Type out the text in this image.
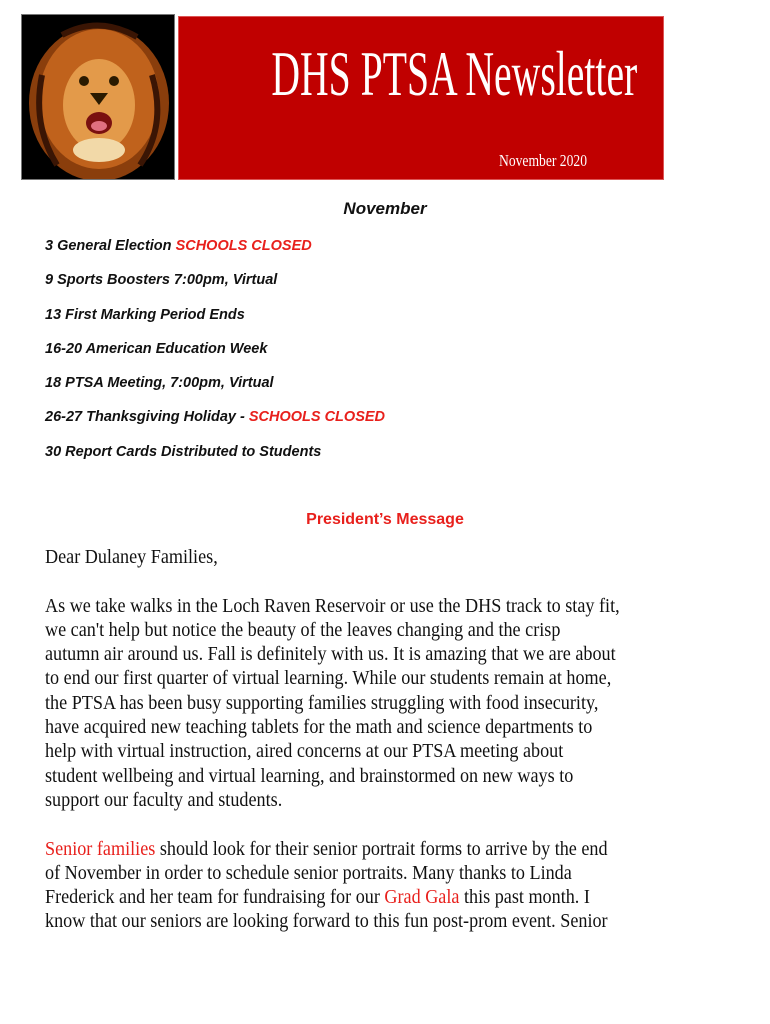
DHS PTSA Newsletter
November 2020
November
3 General Election SCHOOLS CLOSED
9 Sports Boosters 7:00pm, Virtual
13 First Marking Period Ends
16-20 American Education Week
18 PTSA Meeting, 7:00pm, Virtual
26-27 Thanksgiving Holiday - SCHOOLS CLOSED
30 Report Cards Distributed to Students
President’s Message
Dear Dulaney Families,
As we take walks in the Loch Raven Reservoir or use the DHS track to stay fit,
we can't help but notice the beauty of the leaves changing and the crisp
autumn air around us. Fall is definitely with us. It is amazing that we are about
to end our first quarter of virtual learning. While our students remain at home,
the PTSA has been busy supporting families struggling with food insecurity,
have acquired new teaching tablets for the math and science departments to
help with virtual instruction, aired concerns at our PTSA meeting about
student wellbeing and virtual learning, and brainstormed on new ways to
support our faculty and students.
Senior families should look for their senior portrait forms to arrive by the end
of November in order to schedule senior portraits. Many thanks to Linda
Frederick and her team for fundraising for our Grad Gala this past month. I
know that our seniors are looking forward to this fun post-prom event. Senior
